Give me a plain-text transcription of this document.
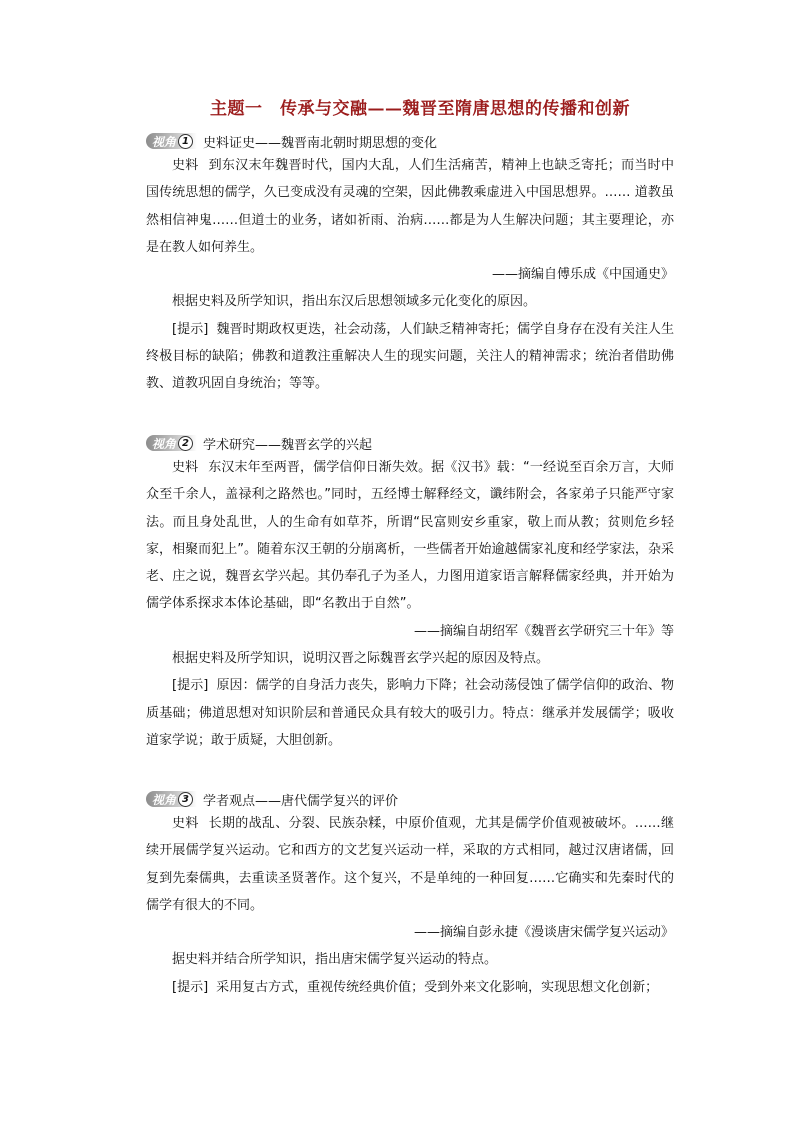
主题一　传承与交融——魏晋至隋唐思想的传播和创新
视角 1	史料证史——魏晋南北朝时期思想的变化

史料 到东汉末年魏晋时代，国内大乱，人们生活痛苦，精神上也缺乏寄托；而当时中国传统思想的儒学，久已变成没有灵魂的空架，因此佛教乘虚进入中国思想界。…… 道教虽然相信神鬼……但道士的业务，诸如祈雨、治病……都是为人生解决问题；其主要理论，亦是在教人如何养生。

——摘编自傅乐成《中国通史》

根据史料及所学知识，指出东汉后思想领域多元化变化的原因。

[提示] 魏晋时期政权更迭，社会动荡，人们缺乏精神寄托；儒学自身存在没有关注人生终极目标的缺陷；佛教和道教注重解决人生的现实问题，关注人的精神需求；统治者借助佛教、道教巩固自身统治；等等。

视角 2	学术研究——魏晋玄学的兴起

史料 东汉末年至两晋，儒学信仰日渐失效。据《汉书》载：“一经说至百余万言，大师众至千余人，盖禄利之路然也。”同时，五经博士解释经文，谶纬附会，各家弟子只能严守家法。而且身处乱世，人的生命有如草芥，所谓“民富则安乡重家，敬上而从教；贫则危乡轻家，相聚而犯上”。随着东汉王朝的分崩离析，一些儒者开始逾越儒家礼度和经学家法，杂采老、庄之说，魏晋玄学兴起。其仍奉孔子为圣人，力图用道家语言解释儒家经典，并开始为儒学体系探求本体论基础，即“名教出于自然”。

——摘编自胡绍军《魏晋玄学研究三十年》等

根据史料及所学知识，说明汉晋之际魏晋玄学兴起的原因及特点。

[提示] 原因：儒学的自身活力丧失，影响力下降；社会动荡侵蚀了儒学信仰的政治、物质基础；佛道思想对知识阶层和普通民众具有较大的吸引力。特点：继承并发展儒学；吸收道家学说；敢于质疑，大胆创新。

视角 3	学者观点——唐代儒学复兴的评价

史料 长期的战乱、分裂、民族杂糅，中原价值观，尤其是儒学价值观被破坏。……继续开展儒学复兴运动。它和西方的文艺复兴运动一样，采取的方式相同，越过汉唐诸儒，回复到先秦儒典，去重读圣贤著作。这个复兴，不是单纯的一种回复……它确实和先秦时代的儒学有很大的不同。

——摘编自彭永捷《漫谈唐宋儒学复兴运动》

据史料并结合所学知识，指出唐宋儒学复兴运动的特点。

[提示] 采用复古方式，重视传统经典价值；受到外来文化影响，实现思想文化创新；
